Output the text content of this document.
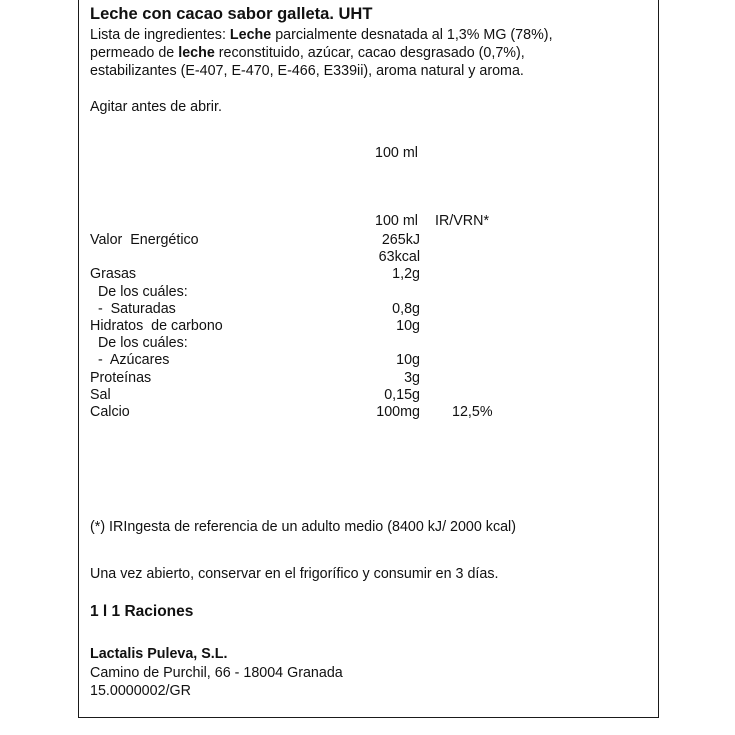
Leche con cacao sabor galleta. UHT

Lista de ingredientes: Leche parcialmente desnatada al 1,3% MG (78%),

permeado de leche reconstituido, azúcar, cacao desgrasado (0,7%),

estabilizantes (E-407, E-470, E-466, E339ii), aroma natural y aroma.

Agitar antes de abrir.

100 ml

100 ml IR/VRN*

Valor  Energético	265kJ

63kcal

Grasas	1,2g

De los cuáles:

-  Saturadas	0,8g

Hidratos  de carbono	10g

De los cuáles:

-  Azúcares	10g

Proteínas	3g

Sal	0,15g

Calcio	100mg 12,5%

(*) IRIngesta de referencia de un adulto medio (8400 kJ/ 2000 kcal)

Una vez abierto, conservar en el frigorífico y consumir en 3 días.

1 l 1 Raciones

Lactalis Puleva, S.L.

Camino de Purchil, 66 - 18004 Granada

15.0000002/GR
